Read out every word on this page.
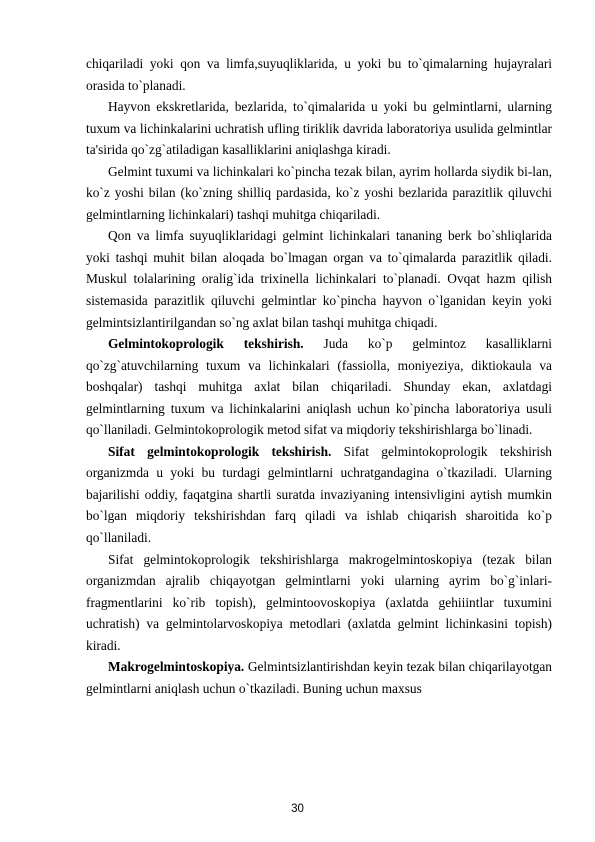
chiqariladi yoki qon va limfa,suyuqliklarida, u yoki bu to`qimalarning hujayralari orasida to`planadi.

Hayvon ekskretlarida, bezlarida, to`qimalarida u yoki bu gelmintlarni, ularning tuxum va lichinkalarini uchratish ufling tiriklik davrida laboratoriya usulida gelmintlar ta'sirida qo`zg`atiladigan kasalliklarini aniqlashga kiradi.

Gelmint tuxumi va lichinkalari ko`pincha tezak bilan, ayrim hollarda siydik bi-lan, ko`z yoshi bilan (ko`zning shilliq pardasida, ko`z yoshi bezlarida parazitlik qiluvchi gelmintlarning lichinkalari) tashqi muhitga chiqariladi.

Qon va limfa suyuqliklaridagi gelmint lichinkalari tananing berk bo`shliqlarida yoki tashqi muhit bilan aloqada bo`lmagan organ va to`qimalarda parazitlik qiladi. Muskul tolalarining oralig`ida trixinella lichinkalari to`planadi. Ovqat hazm qilish sistemasida parazitlik qiluvchi gelmintlar ko`pincha hayvon o`lganidan keyin yoki gelmintsizlantirilgandan so`ng axlat bilan tashqi muhitga chiqadi.

Gelmintokoprologik tekshirish. Juda ko`p gelmintoz kasalliklarni qo`zg`atuvchilarning tuxum va lichinkalari (fassiolla, moniyeziya, diktiokaula va boshqalar) tashqi muhitga axlat bilan chiqariladi. Shunday ekan, axlatdagi gelmintlarning tuxum va lichinkalarini aniqlash uchun ko`pincha laboratoriya usuli qo`llaniladi. Gelmintokoprologik metod sifat va miqdoriy tekshirishlarga bo`linadi.

Sifat gelmintokoprologik tekshirish. Sifat gelmintokoprologik tekshirish organizmda u yoki bu turdagi gelmintlarni uchratgandagina o`tkaziladi. Ularning bajarilishi oddiy, faqatgina shartli suratda invaziyaning intensivligini aytish mumkin bo`lgan miqdoriy tekshirishdan farq qiladi va ishlab chiqarish sharoitida ko`p qo`llaniladi.

Sifat gelmintokoprologik tekshirishlarga makrogelmintoskopiya (tezak bilan organizmdan ajralib chiqayotgan gelmintlarni yoki ularning ayrim bo`g`inlari-fragmentlarini ko`rib topish), gelmintoovoskopiya (axlatda gehiiintlar tuxumini uchratish) va gelmintolarvoskopiya metodlari (axlatda gelmint lichinkasini topish) kiradi.

Makrogelmintoskopiya. Gelmintsizlantirishdan keyin tezak bilan chiqarilayotgan gelmintlarni aniqlash uchun o`tkaziladi. Buning uchun maxsus

30
